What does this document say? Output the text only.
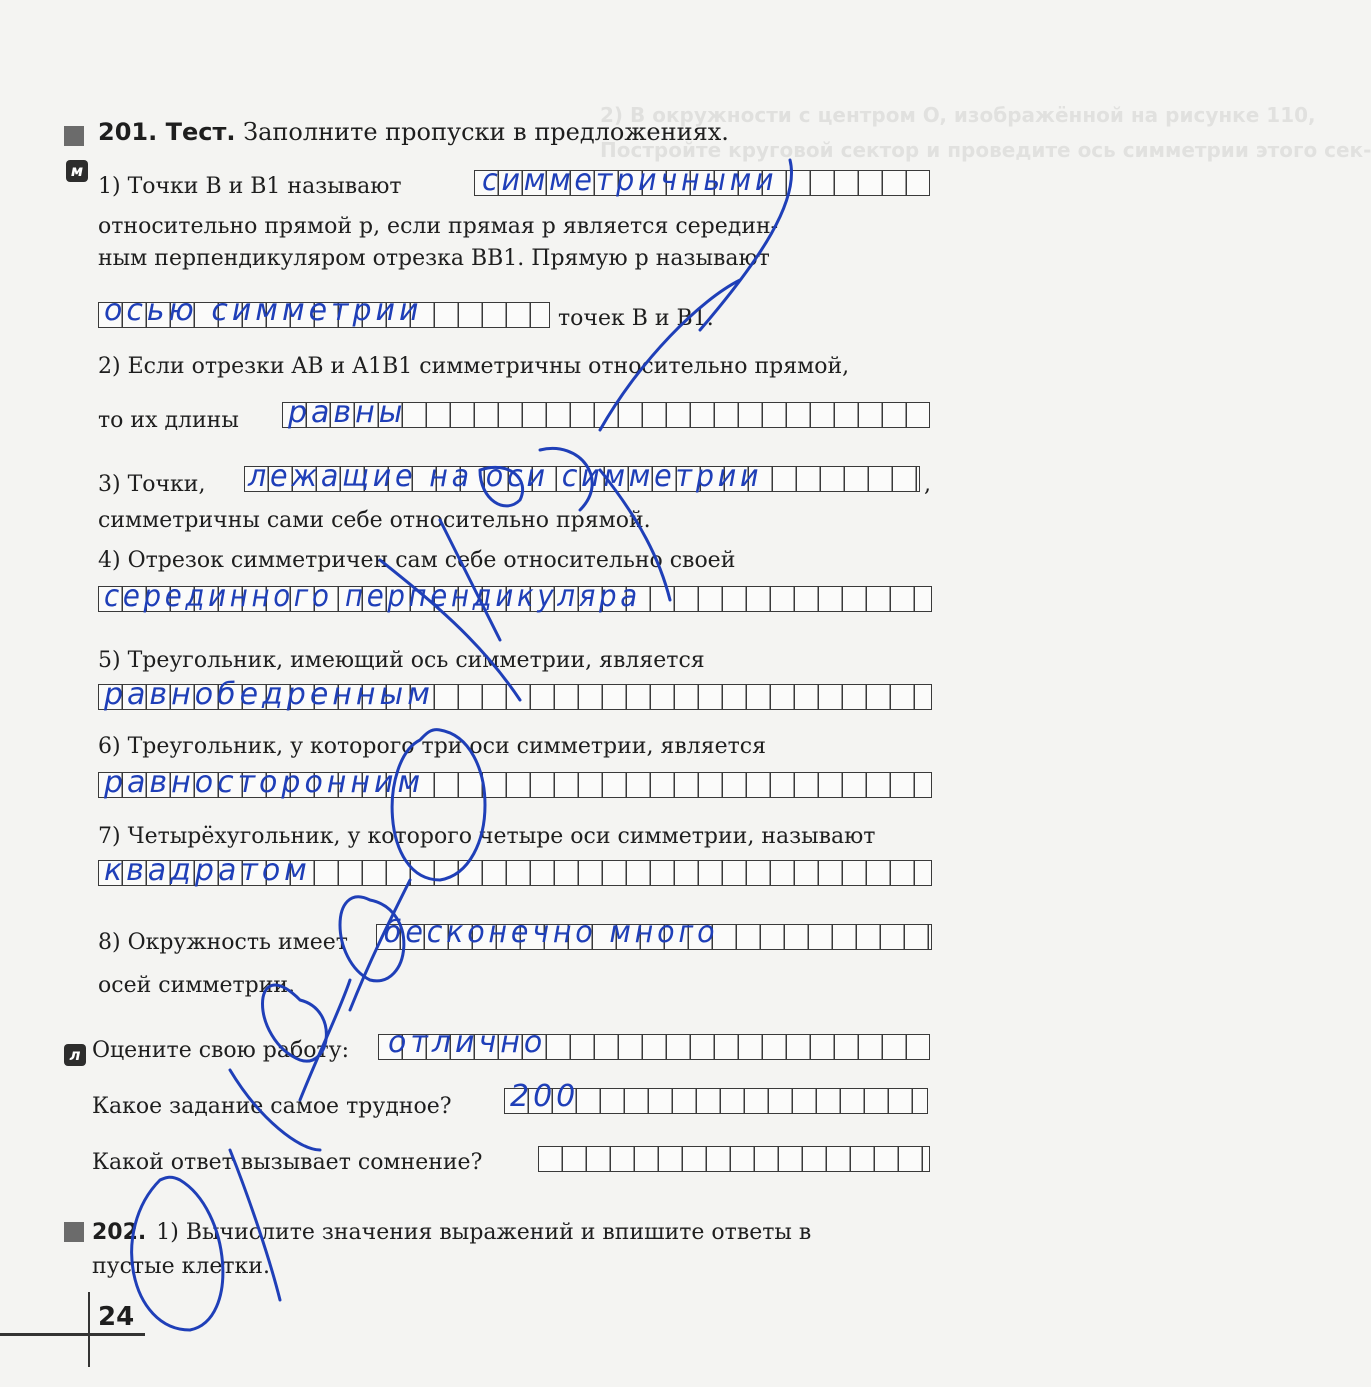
2) В окружности с центром O, изображённой на рисунке 110,
Постройте круговой сектор и проведите ось симметрии этого сек-
201. Тест. Заполните пропуски в предложениях.
м
1) Точки B и B1 называют	симметричными
относительно прямой p, если прямая p является середин-
ным перпендикуляром отрезка BB1. Прямую p называют
осью симметрии	точек B и B1.
2) Если отрезки AB и A1B1 симметричны относительно прямой,
то их длины равны
3) Точки, лежащие на оси симметрии	,
симметричны сами себе относительно прямой.
4) Отрезок симметричен сам себе относительно своей
серединного перпендикуляра
5) Треугольник, имеющий ось симметрии, является
равнобедренным
6) Треугольник, у которого три оси симметрии, является
равносторонним
7) Четырёхугольник, у которого четыре оси симметрии, называют
квадратом
8) Окружность имеет бесконечно много
осей симметрии.
л Оцените свою работу: отлично
Какое задание самое трудное? 200
Какой ответ вызывает сомнение?
202. 1) Вычислите значения выражений и впишите ответы в
пустые клетки.
24
